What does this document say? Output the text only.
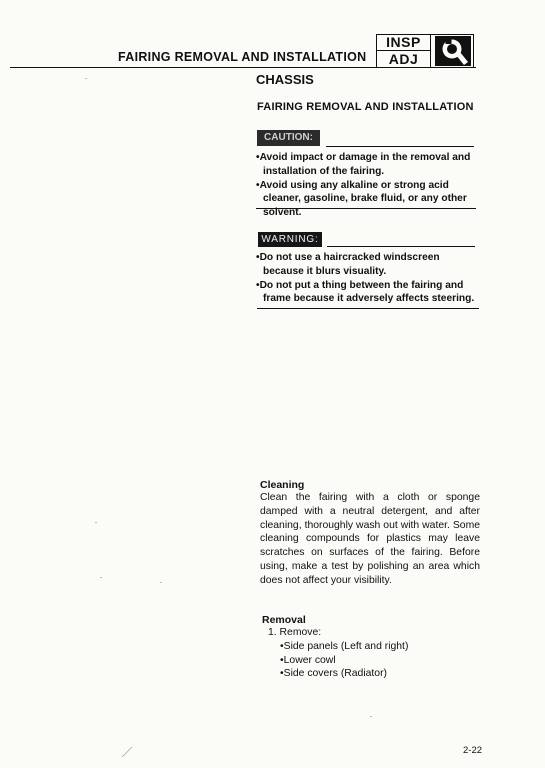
FAIRING REMOVAL AND INSTALLATION
INSP
ADJ
CHASSIS
FAIRING REMOVAL AND INSTALLATION
CAUTION:

•Avoid impact or damage in the removal and installation of the fairing.

•Avoid using any alkaline or strong acid cleaner, gasoline, brake fluid, or any other solvent.

WARNING:

•Do not use a haircracked windscreen because it blurs visuality.

•Do not put a thing between the fairing and frame because it adversely affects steering.

Cleaning
Clean the fairing with a cloth or sponge damped with a neutral detergent, and after cleaning, thoroughly wash out with water. Some cleaning compounds for plastics may leave scratches on surfaces of the fairing. Before using, make a test by polishing an area which does not affect your visibility.
Removal
1. Remove:
•Side panels (Left and right)
•Lower cowl
•Side covers (Radiator)
2-22
